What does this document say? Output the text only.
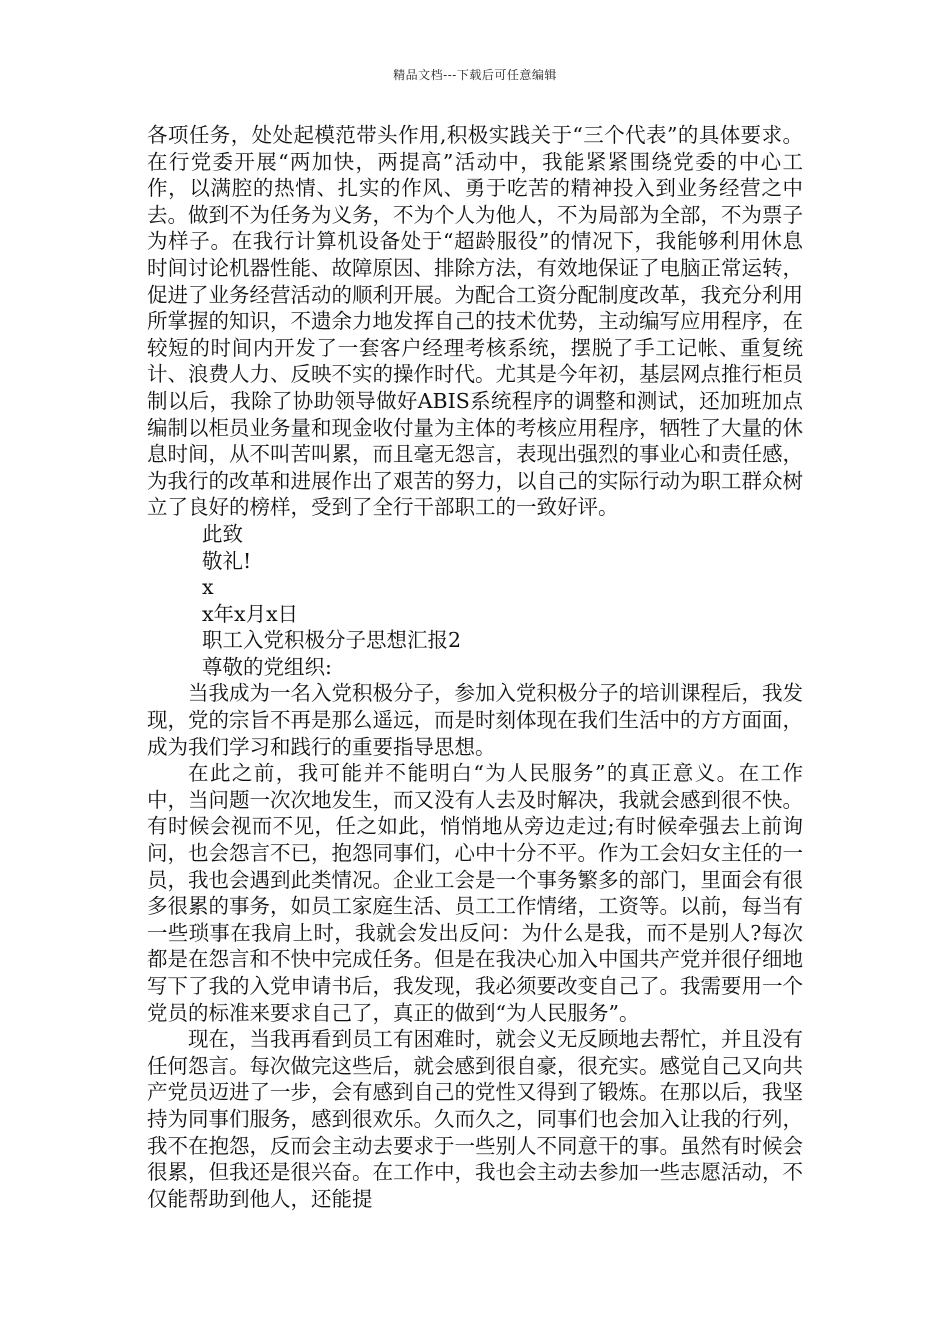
精品文档---下载后可任意编辑

各项任务，处处起模范带头作用,积极实践关于“三个代表”的具体要求。在行党委开展“两加快，两提高”活动中，我能紧紧围绕党委的中心工作，以满腔的热情、扎实的作风、勇于吃苦的精神投入到业务经营之中去。做到不为任务为义务，不为个人为他人，不为局部为全部，不为票子为样子。在我行计算机设备处于“超龄服役”的情况下，我能够利用休息时间讨论机器性能、故障原因、排除方法，有效地保证了电脑正常运转，促进了业务经营活动的顺利开展。为配合工资分配制度改革，我充分利用所掌握的知识，不遗余力地发挥自己的技术优势，主动编写应用程序，在较短的时间内开发了一套客户经理考核系统，摆脱了手工记帐、重复统计、浪费人力、反映不实的操作时代。尤其是今年初，基层网点推行柜员制以后，我除了协助领导做好ABIS系统程序的调整和测试，还加班加点编制以柜员业务量和现金收付量为主体的考核应用程序，牺牲了大量的休息时间，从不叫苦叫累，而且毫无怨言，表现出强烈的事业心和责任感，为我行的改革和进展作出了艰苦的努力，以自己的实际行动为职工群众树立了良好的榜样，受到了全行干部职工的一致好评。

此致

敬礼!

x

x年x月x日

职工入党积极分子思想汇报2

尊敬的党组织:

当我成为一名入党积极分子，参加入党积极分子的培训课程后，我发现，党的宗旨不再是那么遥远，而是时刻体现在我们生活中的方方面面，成为我们学习和践行的重要指导思想。

在此之前，我可能并不能明白“为人民服务”的真正意义。在工作中，当问题一次次地发生，而又没有人去及时解决，我就会感到很不快。有时候会视而不见，任之如此，悄悄地从旁边走过;有时候牵强去上前询问，也会怨言不已，抱怨同事们，心中十分不平。作为工会妇女主任的一员，我也会遇到此类情况。企业工会是一个事务繁多的部门，里面会有很多很累的事务，如员工家庭生活、员工工作情绪，工资等。以前，每当有一些琐事在我肩上时，我就会发出反问：为什么是我，而不是别人?每次都是在怨言和不快中完成任务。但是在我决心加入中国共产党并很仔细地写下了我的入党申请书后，我发现，我必须要改变自己了。我需要用一个党员的标准来要求自己了，真正的做到“为人民服务”。

现在，当我再看到员工有困难时，就会义无反顾地去帮忙，并且没有任何怨言。每次做完这些后，就会感到很自豪，很充实。感觉自己又向共产党员迈进了一步，会有感到自己的党性又得到了锻炼。在那以后，我坚持为同事们服务，感到很欢乐。久而久之，同事们也会加入让我的行列，我不在抱怨，反而会主动去要求于一些别人不同意干的事。虽然有时候会很累，但我还是很兴奋。在工作中，我也会主动去参加一些志愿活动，不仅能帮助到他人，还能提
